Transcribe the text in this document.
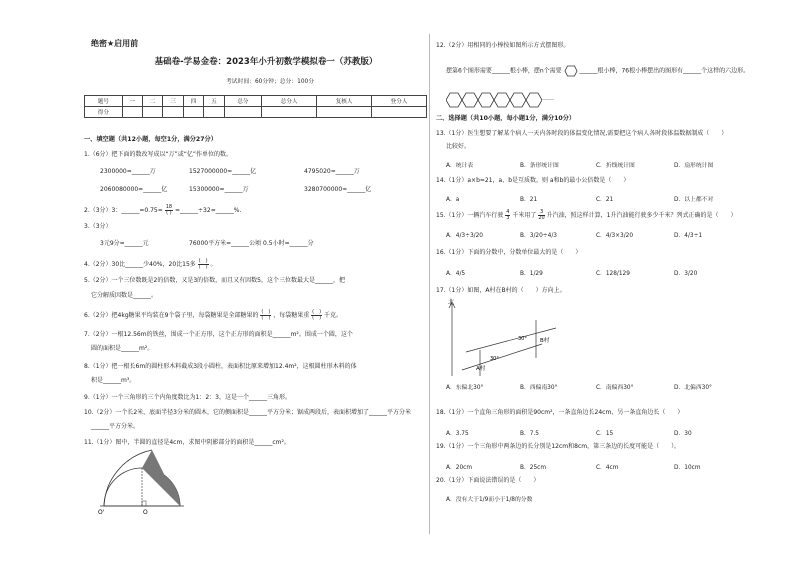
绝密★启用前
基础卷-学易金卷：2023年小升初数学模拟卷一（苏教版）
考试时间：60分钟；总分：100分
题号	一	二	三	四	五	总分	总分人	复核人	登分人
得分									
一、填空题（共12小题，每空1分，满分27分）
1.（6分）把下面的数改写成以“万”或“亿”作单位的数。
2300000=______万	1527000000≈______亿	4795020≈______万
2060080000=______亿	15300000=______万	3280700000≈______亿
2.（3分）3：______=0.75= $\frac{18}{( )}$ =______÷32=______%.
3.（3分）
3元9分=______元	76000平方米=______公顷 0.5小时=______分
4.（2分）30比______少40%，20比15多 $\frac{( )}{( )}$ 。
5.（2分）一个三位数既是2的倍数，又是3的倍数，而且又有因数5，这个三位数最大是______，把
它分解质因数是______。
6.（2分）把4kg糖果平均装在9个袋子里，每袋糖果是全部糖果的 $\frac{( )}{( )}$ ，每袋糖果重 $\frac{( )}{( )}$ 千克。
7.（2分）一根12.56m的铁丝，围成一个正方形，这个正方形的面积是______m²。围成一个圆，这个
圆的面积是______m²。
8.（1分）把一根长6m的圆柱形木料截成3段小圆柱，表面积比原来增加12.4m²，这根圆柱形木料的体
积是______m³。
9.（1分）一个三角形的三个内角度数比为1：2：3，这是一个______三角形。
10.（2分）一个长2米，底面半径3分米的圆木，它的侧面积是______平方分米；锯成两段后，表面积增加了______平方分米
______平方分米。
11.（1分）图中，半圆的直径是4cm，求图中阴影部分的面积是______cm²。
O
O'
12.（2分）用相同的小棒按如图所示方式摆图形。
摆第6个图形需要______根小棒，摆n个需要	______根小棒，76根小棒摆出的图形有______个这样的六边形。
……
二、选择题（共10小题，每小题1分，满分10分）
13.（1分）医生想要了解某个病人一天内各时段的体温变化情况,需要把这个病人各时段体温数据制成（　　）
比较好。
A．统计表	B．条形统计图	C．折线统计图	D．扇形统计图
14.（1分）a×b=21，a、b是互质数，则 a和b的最小公倍数是（　　）
A．a	B．21	C．21	D．以上都不对
15.（1分）一辆汽车行驶 $\frac{4}{3}$ 千米用了 $\frac{3}{20}$ 升汽油，照这样计算，1升汽油能行驶多少千米？列式正确的是（　　）
A．4/3÷3/20	B．3/20÷4/3	C．4/3×3/20	D．4/3÷1
16.（1分）下面的分数中，分数单位最大的是（　　）
A．4/5	B．1/29	C．128/129	D．3/20
17.（1分）如图，A村在B村的（　　）方向上。
北
30° B村
30°
A村
A．东偏北30°	B．西偏南30°	C．南偏西30°	D．北偏西30°
18.（1分）一个直角三角形的面积是90cm²，一条直角边长24cm，另一条直角边长（　　）
A．3.75	B．7.5	C．15	D．30
19.（1分）一个三角形中两条边的长分别是12cm和8cm，第三条边的长度可能是（　　）。
A．20cm	B．25cm	C．4cm	D．10cm
20.（1分）下面说法错误的是（　　）
A．没有大于1/9而小于1/8的分数
